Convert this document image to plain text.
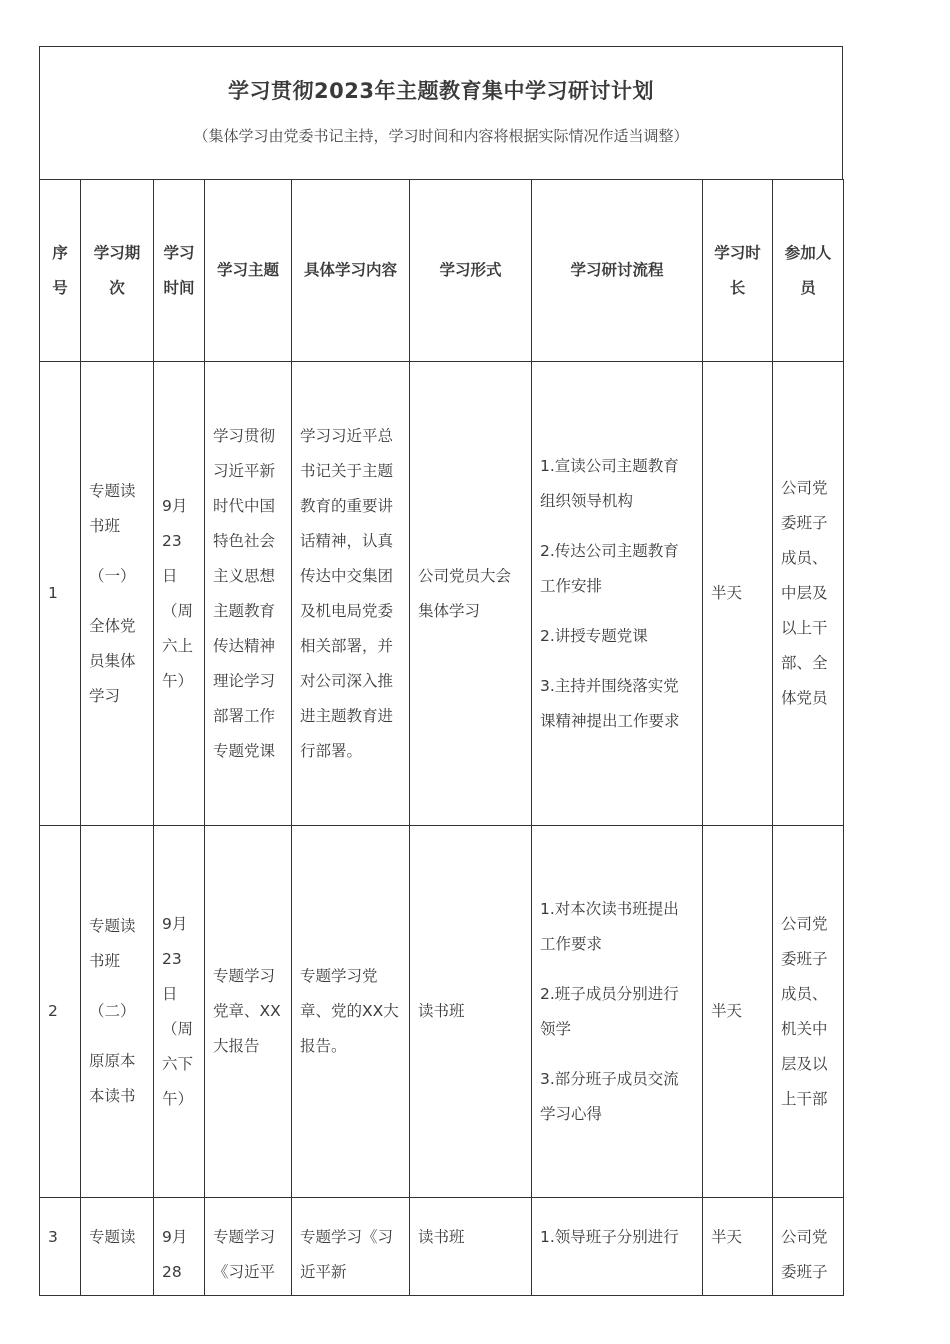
学习贯彻2023年主题教育集中学习研讨计划
（集体学习由党委书记主持，学习时间和内容将根据实际情况作适当调整）
序号	学习期次	学习时间	学习主题	具体学习内容	学习形式	学习研讨流程	学习时长	参加人员
1	专题读书班
（一）
全体党员集体学习	9月23日（周六上午）	学习贯彻习近平新时代中国特色社会主义思想主题教育传达精神理论学习部署工作专题党课	学习习近平总书记关于主题教育的重要讲话精神，认真传达中交集团及机电局党委相关部署，并对公司深入推进主题教育进行部署。	公司党员大会集体学习	1.宣读公司主题教育组织领导机构
2.传达公司主题教育工作安排
2.讲授专题党课
3.主持并围绕落实党课精神提出工作要求	半天	公司党委班子成员、中层及以上干部、全体党员
2	专题读书班
（二）
原原本本读书	9月23日（周六下午）	专题学习党章、XX大报告	专题学习党章、党的XX大报告。	读书班	1.对本次读书班提出工作要求
2.班子成员分别进行领学
3.部分班子成员交流学习心得	半天	公司党委班子成员、机关中层及以上干部
3	专题读	9月28	专题学习《习近平	专题学习《习近平新	读书班	1.领导班子分别进行	半天	公司党委班子
